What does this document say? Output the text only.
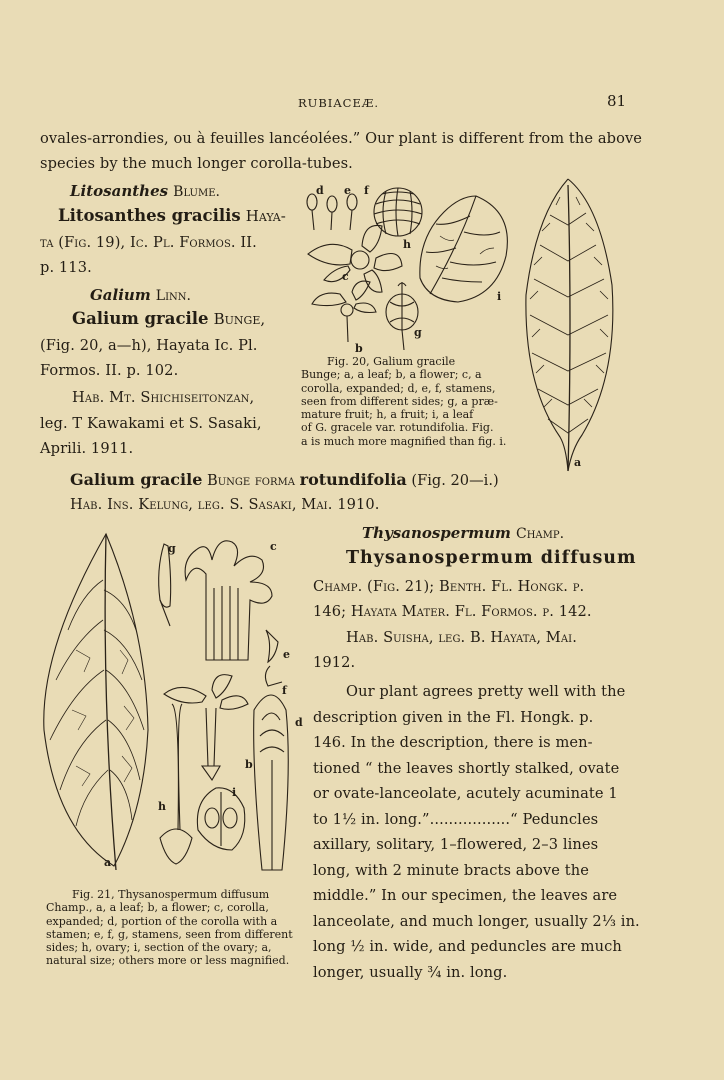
RUBIACEÆ.	81
ovales-arrondies, ou à feuilles lancéolées.” Our plant is different from the above
species by the much longer corolla-tubes.
Litosanthes Blume.
Litosanthes gracilis Haya-
ta (Fig. 19), Ic. Pl. Formos. II.
p. 113.
Galium Linn.
Galium gracile Bunge,
(Fig. 20, a—h), Hayata Ic. Pl.
Formos. II. p. 102.
Hab. Mt. Shichiseitonzan,
leg. T Kawakami et S. Sasaki,
Aprili. 1911.
d e f
h
c
b
g
i
a
Fig. 20, Galium gracile
Bunge; a, a leaf; b, a flower; c, a
corolla, expanded; d, e, f, stamens,
seen from different sides; g, a præ-
mature fruit; h, a fruit; i, a leaf
of G. gracele var. rotundifolia. Fig.
a is much more magnified than fig. i.
Galium gracile Bunge forma rotundifolia (Fig. 20—i.)
Hab. Ins. Kelung, leg. S. Sasaki, Mai. 1910.
Thysanospermum Champ.
Thysanospermum diffusum
Champ. (Fig. 21); Benth. Fl. Hongk. p.
146; Hayata Mater. Fl. Formos. p. 142.
Hab. Suisha, leg. B. Hayata, Mai.
1912.
Our plant agrees pretty well with the
description given in the Fl. Hongk. p.
146. In the description, there is men-
tioned “ the leaves shortly stalked, ovate
or ovate-lanceolate, acutely acuminate 1
to 1½ in. long.”.................“ Peduncles
axillary, solitary, 1–flowered, 2–3 lines
long, with 2 minute bracts above the
middle.” In our specimen, the leaves are
lanceolate, and much longer, usually 2⅓ in.
long ½ in. wide, and peduncles are much
longer, usually ¾ in. long.
g	c
e
f
d
b
i
h
a
Fig. 21, Thysanospermum diffusum
Champ., a, a leaf; b, a flower; c, corolla,
expanded; d, portion of the corolla with a
stamen; e, f, g, stamens, seen from different
sides; h, ovary; i, section of the ovary; a,
natural size; others more or less magnified.
